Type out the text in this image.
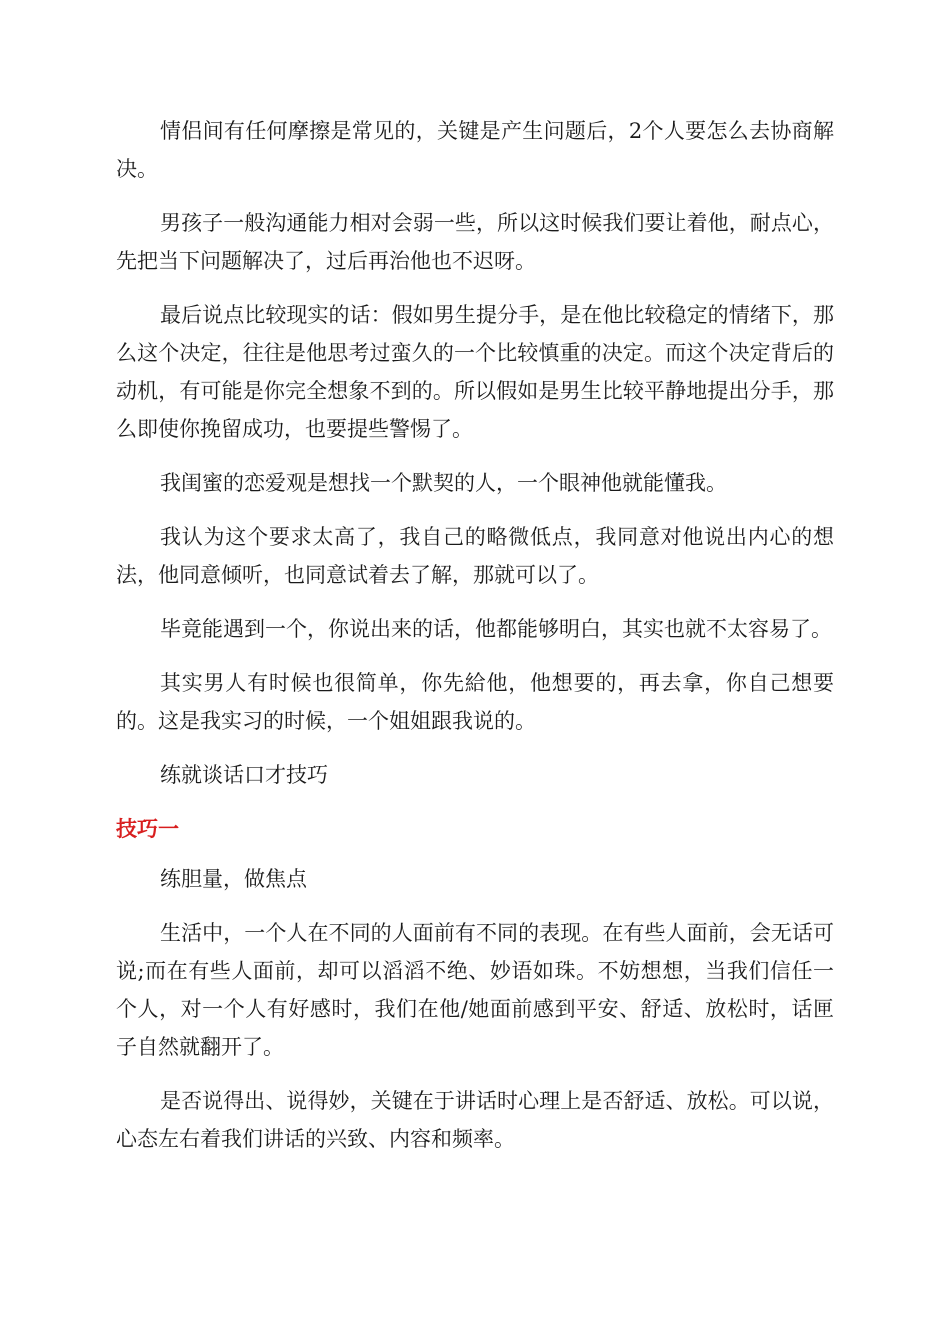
情侣间有任何摩擦是常见的，关键是产生问题后，2个人要怎么去协商解决。

男孩子一般沟通能力相对会弱一些，所以这时候我们要让着他，耐点心，先把当下问题解决了，过后再治他也不迟呀。

最后说点比较现实的话：假如男生提分手，是在他比较稳定的情绪下，那么这个决定，往往是他思考过蛮久的一个比较慎重的决定。而这个决定背后的动机，有可能是你完全想象不到的。所以假如是男生比较平静地提出分手，那么即使你挽留成功，也要提些警惕了。

我闺蜜的恋爱观是想找一个默契的人，一个眼神他就能懂我。

我认为这个要求太高了，我自己的略微低点，我同意对他说出内心的想法，他同意倾听，也同意试着去了解，那就可以了。

毕竟能遇到一个，你说出来的话，他都能够明白，其实也就不太容易了。

其实男人有时候也很简单，你先給他，他想要的，再去拿，你自己想要的。这是我实习的时候，一个姐姐跟我说的。

练就谈话口才技巧

技巧一

练胆量，做焦点

生活中，一个人在不同的人面前有不同的表现。在有些人面前，会无话可说;而在有些人面前，却可以滔滔不绝、妙语如珠。不妨想想，当我们信任一个人，对一个人有好感时，我们在他/她面前感到平安、舒适、放松时，话匣子自然就翻开了。

是否说得出、说得妙，关键在于讲话时心理上是否舒适、放松。可以说，心态左右着我们讲话的兴致、内容和频率。
